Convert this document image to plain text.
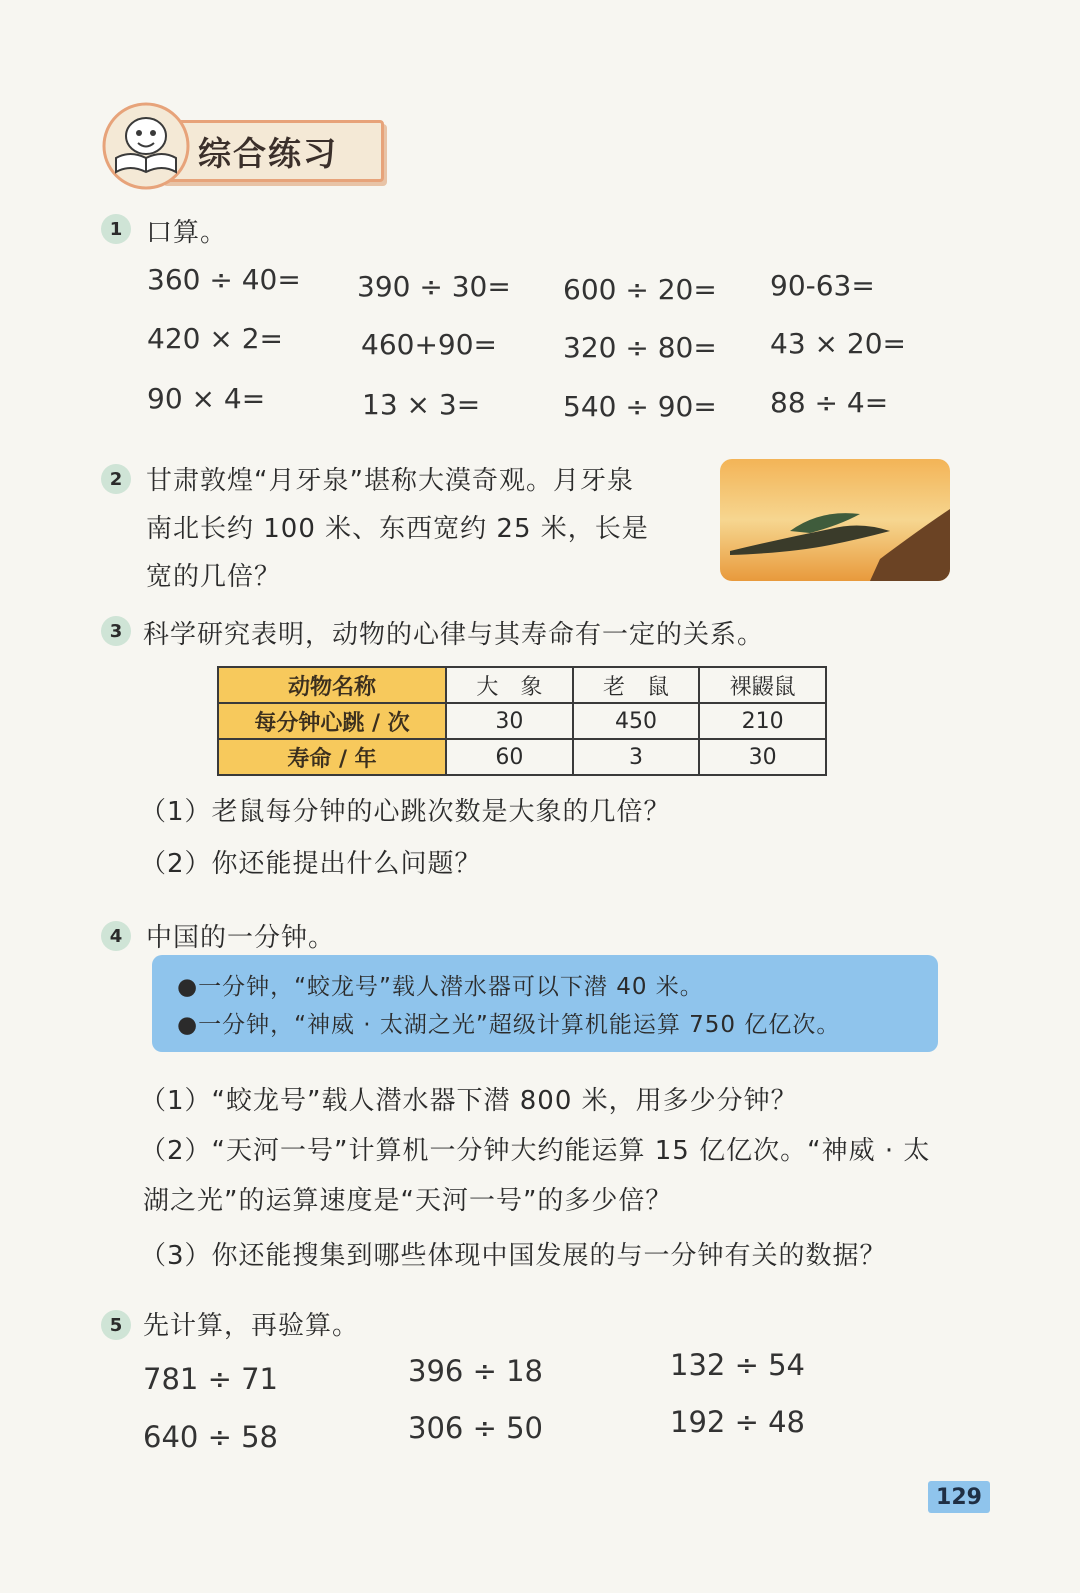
综合练习
1 口算。
360 ÷ 40= 390 ÷ 30= 600 ÷ 20= 90-63=
420 × 2=	460+90= 320 ÷ 80= 43 × 20=
90 × 4=	13 × 3=	540 ÷ 90= 88 ÷ 4=
2 甘肃敦煌“月牙泉”堪称大漠奇观。月牙泉
南北长约 100 米、东西宽约 25 米，长是
宽的几倍？
3 科学研究表明，动物的心律与其寿命有一定的关系。
动物名称	大　象	老　鼠	裸鼹鼠
每分钟心跳 / 次	30	450	210
寿命 / 年	60	3	30
（1）老鼠每分钟的心跳次数是大象的几倍？
（2）你还能提出什么问题？
4 中国的一分钟。
●一分钟，“蛟龙号”载人潜水器可以下潜 40 米。
●一分钟，“神威 · 太湖之光”超级计算机能运算 750 亿亿次。
（1）“蛟龙号”载人潜水器下潜 800 米，用多少分钟？
（2）“天河一号”计算机一分钟大约能运算 15 亿亿次。“神威 · 太
湖之光”的运算速度是“天河一号”的多少倍？
（3）你还能搜集到哪些体现中国发展的与一分钟有关的数据？
5 先计算，再验算。
781 ÷ 71	396 ÷ 18	132 ÷ 54
640 ÷ 58	306 ÷ 50	192 ÷ 48
129
